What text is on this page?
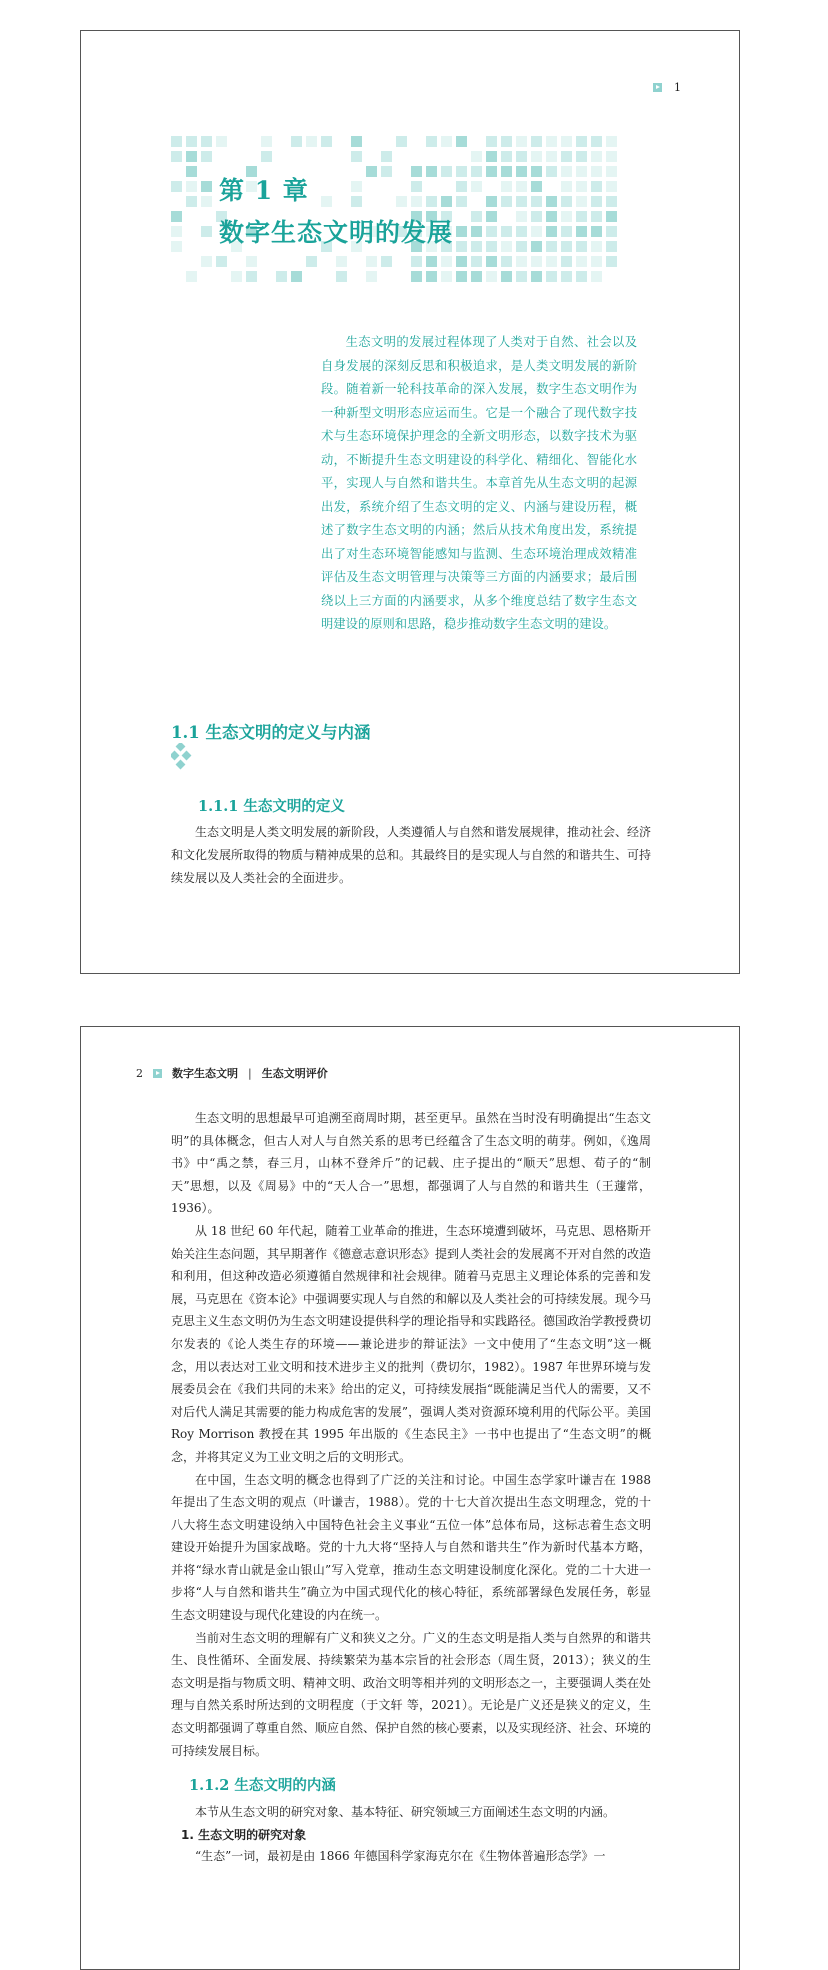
1
第 1 章
数字生态文明的发展
生态文明的发展过程体现了人类对于自然、社会以及自身发展的深刻反思和积极追求，是人类文明发展的新阶段。随着新一轮科技革命的深入发展，数字生态文明作为一种新型文明形态应运而生。它是一个融合了现代数字技术与生态环境保护理念的全新文明形态，以数字技术为驱动，不断提升生态文明建设的科学化、精细化、智能化水平，实现人与自然和谐共生。本章首先从生态文明的起源出发，系统介绍了生态文明的定义、内涵与建设历程，概述了数字生态文明的内涵；然后从技术角度出发，系统提出了对生态环境智能感知与监测、生态环境治理成效精准评估及生态文明管理与决策等三方面的内涵要求；最后围绕以上三方面的内涵要求，从多个维度总结了数字生态文明建设的原则和思路，稳步推动数字生态文明的建设。
1.1 生态文明的定义与内涵
1.1.1 生态文明的定义
生态文明是人类文明发展的新阶段，人类遵循人与自然和谐发展规律，推动社会、经济和文化发展所取得的物质与精神成果的总和。其最终目的是实现人与自然的和谐共生、可持续发展以及人类社会的全面进步。
2	数字生态文明 | 生态文明评价

生态文明的思想最早可追溯至商周时期，甚至更早。虽然在当时没有明确提出“生态文明”的具体概念，但古人对人与自然关系的思考已经蕴含了生态文明的萌芽。例如，《逸周书》中“禹之禁，春三月，山林不登斧斤”的记载、庄子提出的“顺天”思想、荀子的“制天”思想，以及《周易》中的“天人合一”思想，都强调了人与自然的和谐共生（王蘧常，1936）。

从 18 世纪 60 年代起，随着工业革命的推进，生态环境遭到破坏，马克思、恩格斯开始关注生态问题，其早期著作《德意志意识形态》提到人类社会的发展离不开对自然的改造和利用，但这种改造必须遵循自然规律和社会规律。随着马克思主义理论体系的完善和发展，马克思在《资本论》中强调要实现人与自然的和解以及人类社会的可持续发展。现今马克思主义生态文明仍为生态文明建设提供科学的理论指导和实践路径。德国政治学教授费切尔发表的《论人类生存的环境——兼论进步的辩证法》一文中使用了“生态文明”这一概念，用以表达对工业文明和技术进步主义的批判（费切尔，1982）。1987 年世界环境与发展委员会在《我们共同的未来》给出的定义，可持续发展指“既能满足当代人的需要，又不对后代人满足其需要的能力构成危害的发展”，强调人类对资源环境利用的代际公平。美国 Roy Morrison 教授在其 1995 年出版的《生态民主》一书中也提出了“生态文明”的概念，并将其定义为工业文明之后的文明形式。

在中国，生态文明的概念也得到了广泛的关注和讨论。中国生态学家叶谦吉在 1988 年提出了生态文明的观点（叶谦吉，1988）。党的十七大首次提出生态文明理念，党的十八大将生态文明建设纳入中国特色社会主义事业“五位一体”总体布局，这标志着生态文明建设开始提升为国家战略。党的十九大将“坚持人与自然和谐共生”作为新时代基本方略，并将“绿水青山就是金山银山”写入党章，推动生态文明建设制度化深化。党的二十大进一步将“人与自然和谐共生”确立为中国式现代化的核心特征，系统部署绿色发展任务，彰显生态文明建设与现代化建设的内在统一。

当前对生态文明的理解有广义和狭义之分。广义的生态文明是指人类与自然界的和谐共生、良性循环、全面发展、持续繁荣为基本宗旨的社会形态（周生贤，2013）；狭义的生态文明是指与物质文明、精神文明、政治文明等相并列的文明形态之一，主要强调人类在处理与自然关系时所达到的文明程度（于文轩 等，2021）。无论是广义还是狭义的定义，生态文明都强调了尊重自然、顺应自然、保护自然的核心要素，以及实现经济、社会、环境的可持续发展目标。

1.1.2 生态文明的内涵

本节从生态文明的研究对象、基本特征、研究领域三方面阐述生态文明的内涵。

1. 生态文明的研究对象

“生态”一词，最初是由 1866 年德国科学家海克尔在《生物体普遍形态学》一
